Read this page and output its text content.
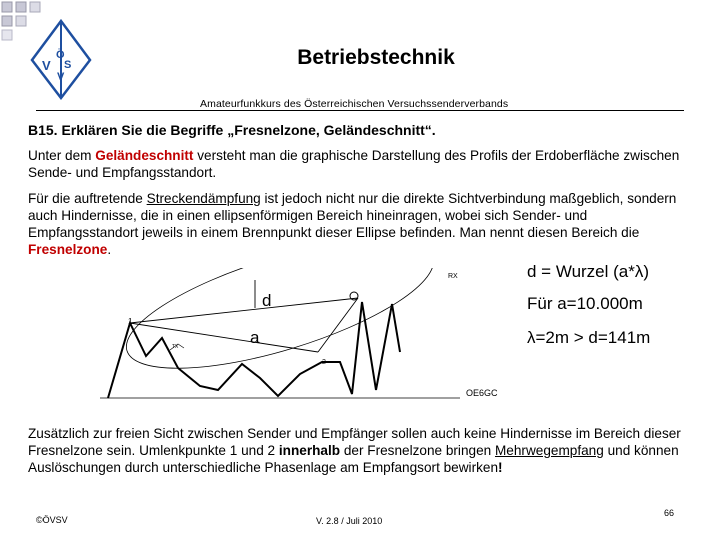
V S
Ö
V
Betriebstechnik
Amateurfunkkurs des Österreichischen Versuchssenderverbands
B15. Erklären Sie die Begriffe „Fresnelzone, Geländeschnitt“.
Unter dem Geländeschnitt versteht man die graphische Darstellung des Profils der Erdoberfläche zwischen Sende- und Empfangsstandort.
Für die auftretende Streckendämpfung ist jedoch nicht nur die direkte Sichtverbindung maßgeblich, sondern auch Hindernisse, die in einen ellipsenförmigen Bereich hineinragen, wobei sich Sender- und Empfangsstandort jeweils in einem Brennpunkt dieser Ellipse befinden. Man nennt diesen Bereich die Fresnelzone.
RX
TX
d
a
1
2
OE6GC
d = Wurzel (a*λ)
Für a=10.000m
λ=2m > d=141m
Zusätzlich zur freien Sicht zwischen Sender und Empfänger sollen auch keine Hindernisse im Bereich dieser Fresnelzone sein. Umlenkpunkte 1 und 2 innerhalb der Fresnelzone bringen Mehrwegempfang und können Auslöschungen durch unterschiedliche Phasenlage am Empfangsort bewirken!
©ÖVSV	V. 2.8 / Juli 2010
66
